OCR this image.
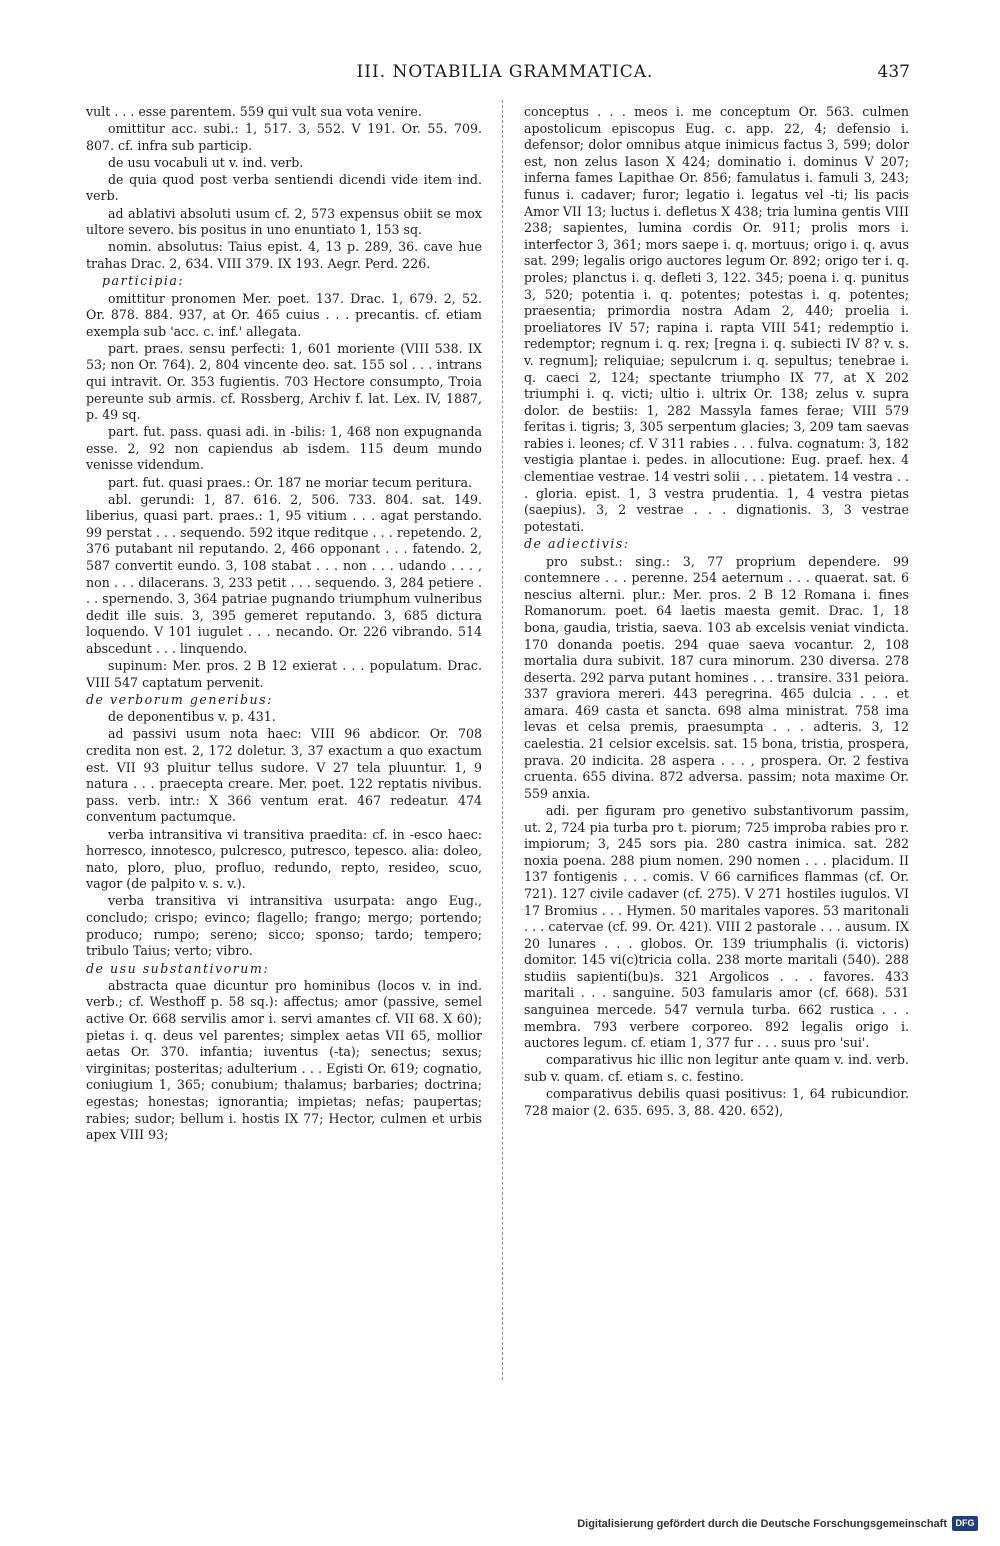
III. NOTABILIA GRAMMATICA.	437

vult . . . esse parentem. 559 qui vult sua vota venire.

omittitur acc. subi.: 1, 517. 3, 552. V 191. Or. 55. 709. 807. cf. infra sub particip.

de usu vocabuli ut v. ind. verb.

de quia quod post verba sentiendi dicendi vide item ind. verb.

ad ablativi absoluti usum cf. 2, 573 expensus obiit se mox ultore severo. bis positus in uno enuntiato 1, 153 sq.

nomin. absolutus: Taius epist. 4, 13 p. 289, 36. cave hue trahas Drac. 2, 634. VIII 379. IX 193. Aegr. Perd. 226.

participia:

omittitur pronomen Mer. poet. 137. Drac. 1, 679. 2, 52. Or. 878. 884. 937, at Or. 465 cuius . . . precantis. cf. etiam exempla sub 'acc. c. inf.' allegata.

part. praes. sensu perfecti: 1, 601 moriente (VIII 538. IX 53; non Or. 764). 2, 804 vincente deo. sat. 155 sol . . . intrans qui intravit. Or. 353 fugientis. 703 Hectore consumpto, Troia pereunte sub armis. cf. Rossberg, Archiv f. lat. Lex. IV, 1887, p. 49 sq.

part. fut. pass. quasi adi. in -bilis: 1, 468 non expugnanda esse. 2, 92 non capiendus ab isdem. 115 deum mundo venisse videndum.

part. fut. quasi praes.: Or. 187 ne moriar tecum peritura.

abl. gerundi: 1, 87. 616. 2, 506. 733. 804. sat. 149. liberius, quasi part. praes.: 1, 95 vitium . . . agat perstando. 99 perstat . . . sequendo. 592 itque reditque . . . repetendo. 2, 376 putabant nil reputando. 2, 466 opponant . . . fatendo. 2, 587 convertit eundo. 3, 108 stabat . . . non . . . udando . . . , non . . . dilacerans. 3, 233 petit . . . sequendo. 3, 284 petiere . . . spernendo. 3, 364 patriae pugnando triumphum vulneribus dedit ille suis. 3, 395 gemeret reputando. 3, 685 dictura loquendo. V 101 iugulet . . . necando. Or. 226 vibrando. 514 abscedunt . . . linquendo.

supinum: Mer. pros. 2 B 12 exierat . . . populatum. Drac. VIII 547 captatum pervenit.

de verborum generibus:

de deponentibus v. p. 431.

ad passivi usum nota haec: VIII 96 abdicor. Or. 708 credita non est. 2, 172 doletur. 3, 37 exactum a quo exactum est. VII 93 pluitur tellus sudore. V 27 tela pluuntur. 1, 9 natura . . . praecepta creare. Mer. poet. 122 reptatis nivibus. pass. verb. intr.: X 366 ventum erat. 467 redeatur. 474 conventum pactumque.

verba intransitiva vi transitiva praedita: cf. in -esco haec: horresco, innotesco, pulcresco, putresco, tepesco. alia: doleo, nato, ploro, pluo, profluo, redundo, repto, resideo, scuo, vagor (de palpito v. s. v.).

verba transitiva vi intransitiva usurpata: ango Eug., concludo; crispo; evinco; flagello; frango; mergo; portendo; produco; rumpo; sereno; sicco; sponso; tardo; tempero; tribulo Taius; verto; vibro.

de usu substantivorum:

abstracta quae dicuntur pro hominibus (locos v. in ind. verb.; cf. Westhoff p. 58 sq.): affectus; amor (passive, semel active Or. 668 servilis amor i. servi amantes cf. VII 68. X 60); pietas i. q. deus vel parentes; simplex aetas VII 65, mollior aetas Or. 370. infantia; iuventus (-ta); senectus; sexus; virginitas; posteritas; adulterium . . . Egisti Or. 619; cognatio, coniugium 1, 365; conubium; thalamus; barbaries; doctrina; egestas; honestas; ignorantia; impietas; nefas; paupertas; rabies; sudor; bellum i. hostis IX 77; Hector, culmen et urbis apex VIII 93;

conceptus . . . meos i. me conceptum Or. 563. culmen apostolicum episcopus Eug. c. app. 22, 4; defensio i. defensor; dolor omnibus atque inimicus factus 3, 599; dolor est, non zelus Iason X 424; dominatio i. dominus V 207; inferna fames Lapithae Or. 856; famulatus i. famuli 3, 243; funus i. cadaver; furor; legatio i. legatus vel -ti; lis pacis Amor VII 13; luctus i. defletus X 438; tria lumina gentis VIII 238; sapientes, lumina cordis Or. 911; prolis mors i. interfector 3, 361; mors saepe i. q. mortuus; origo i. q. avus sat. 299; legalis origo auctores legum Or. 892; origo ter i. q. proles; planctus i. q. defleti 3, 122. 345; poena i. q. punitus 3, 520; potentia i. q. potentes; potestas i. q. potentes; praesentia; primordia nostra Adam 2, 440; proelia i. proeliatores IV 57; rapina i. rapta VIII 541; redemptio i. redemptor; regnum i. q. rex; [regna i. q. subiecti IV 8? v. s. v. regnum]; reliquiae; sepulcrum i. q. sepultus; tenebrae i. q. caeci 2, 124; spectante triumpho IX 77, at X 202 triumphi i. q. victi; ultio i. ultrix Or. 138; zelus v. supra dolor. de bestiis: 1, 282 Massyla fames ferae; VIII 579 feritas i. tigris; 3, 305 serpentum glacies; 3, 209 tam saevas rabies i. leones; cf. V 311 rabies . . . fulva. cognatum: 3, 182 vestigia plantae i. pedes. in allocutione: Eug. praef. hex. 4 clementiae vestrae. 14 vestri solii . . . pietatem. 14 vestra . . . gloria. epist. 1, 3 vestra prudentia. 1, 4 vestra pietas (saepius). 3, 2 vestrae . . . dignationis. 3, 3 vestrae potestati.

de adiectivis:

pro subst.: sing.: 3, 77 proprium dependere. 99 contemnere . . . perenne. 254 aeternum . . . quaerat. sat. 6 nescius alterni. plur.: Mer. pros. 2 B 12 Romana i. fines Romanorum. poet. 64 laetis maesta gemit. Drac. 1, 18 bona, gaudia, tristia, saeva. 103 ab excelsis veniat vindicta. 170 donanda poetis. 294 quae saeva vocantur. 2, 108 mortalia dura subivit. 187 cura minorum. 230 diversa. 278 deserta. 292 parva putant homines . . . transire. 331 peiora. 337 graviora mereri. 443 peregrina. 465 dulcia . . . et amara. 469 casta et sancta. 698 alma ministrat. 758 ima levas et celsa premis, praesumpta . . . adteris. 3, 12 caelestia. 21 celsior excelsis. sat. 15 bona, tristia, prospera, prava. 20 indicita. 28 aspera . . . , prospera. Or. 2 festiva cruenta. 655 divina. 872 adversa. passim; nota maxime Or. 559 anxia.

adi. per figuram pro genetivo substantivorum passim, ut. 2, 724 pia turba pro t. piorum; 725 improba rabies pro r. impiorum; 3, 245 sors pia. 280 castra inimica. sat. 282 noxia poena. 288 pium nomen. 290 nomen . . . placidum. II 137 fontigenis . . . comis. V 66 carnifices flammas (cf. Or. 721). 127 civile cadaver (cf. 275). V 271 hostiles iugulos. VI 17 Bromius . . . Hymen. 50 maritales vapores. 53 maritonali . . . catervae (cf. 99. Or. 421). VIII 2 pastorale . . . ausum. IX 20 lunares . . . globos. Or. 139 triumphalis (i. victoris) domitor. 145 vi(c)tricia colla. 238 morte maritali (540). 288 studiis sapienti(bu)s. 321 Argolicos . . . favores. 433 maritali . . . sanguine. 503 famularis amor (cf. 668). 531 sanguinea mercede. 547 vernula turba. 662 rustica . . . membra. 793 verbere corporeo. 892 legalis origo i. auctores legum. cf. etiam 1, 377 fur . . . suus pro 'sui'.

comparativus hic illic non legitur ante quam v. ind. verb. sub v. quam. cf. etiam s. c. festino.

comparativus debilis quasi positivus: 1, 64 rubicundior. 728 maior (2. 635. 695. 3, 88. 420. 652),

Digitalisierung gefördert durch die Deutsche Forschungsgemeinschaft DFG
